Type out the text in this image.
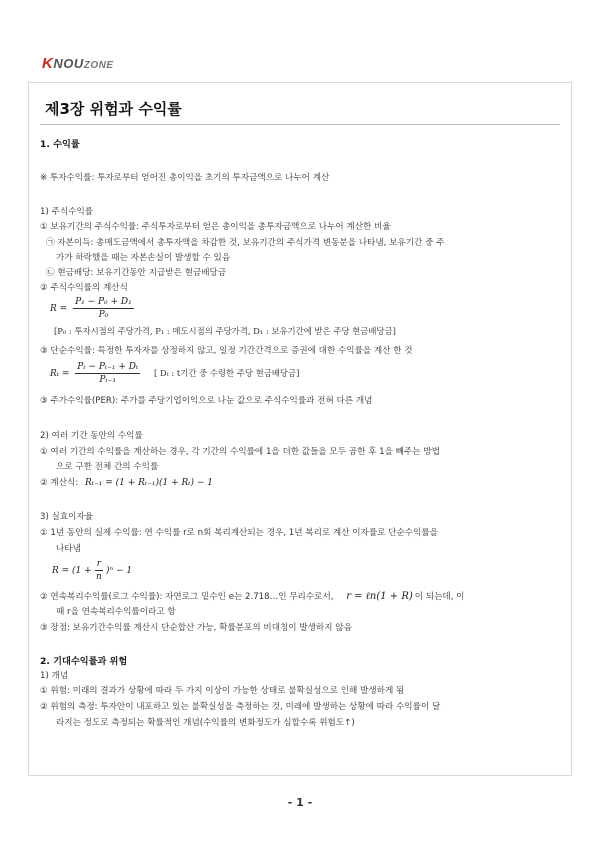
KNOUZONE
제3장 위험과 수익률
1. 수익률
※ 투자수익률: 투자로부터 얻어진 총이익을 초기의 투자금액으로 나누어 계산
1) 주식수익률
① 보유기간의 주식수익률: 주식투자로부터 얻은 총이익을 총투자금액으로 나누어 계산한 비율
㉠ 자본이득: 총매도금액에서 총투자액을 차감한 것, 보유기간의 주식가격 변동분을 나타냄, 보유기간 중 주
가가 하락했을 때는 자본손실이 발생할 수 있음
㉡ 현금배당: 보유기간동안 지급받은 현금배당금
② 주식수익률의 계산식
$R = \frac{\text{P₁ − P₀ + D₁}}{\text{P₀}}$
[P₀ : 투자시점의 주당가격, P₁ : 매도시점의 주당가격, D₁ : 보유기간에 받은 주당 현금배당금]
③ 단순수익률: 특정한 투자자를 상정하지 않고, 일정 기간간격으로 증권에 대한 수익률을 계산 한 것
$R_t = \frac{\text{Pₜ − Pₜ₋₁ + Dₜ}}{\text{Pₜ₋₁}}$ [ Dₜ : t기간 중 수령한 주당 현금배당금]
③ 주가수익률(PER): 주가를 주당기업이익으로 나눈 값으로 주식수익률과 전혀 다른 개념
2) 여러 기간 동안의 수익률
① 여러 기간의 수익률을 계산하는 경우, 각 기간의 수익률에 1을 더한 값들을 모두 곱한 후 1을 빼주는 방법
으로 구한 전체 간의 수익률
② 계산식: Rₜ₋₁ = (1 + Rₜ₋₁)(1 + Rₜ) − 1
3) 실효이자율
① 1년 동안의 실제 수익률: 연 수익률 r로 n회 복리계산되는 경우, 1년 복리로 계산 이자률로 단순수익률을
나타냄
$R = (1 + \frac{r}{n} )^n - 1$
② 연속복리수익률(로그 수익률): 자연로그 밑수인 e는 2.718…인 무리수로서, r = ℓn(1 + R) 이 되는데, 이
때 r을 연속복리수익률이라고 함
③ 장점: 보유기간수익률 계산시 단순합산 가능, 확률분포의 비대칭이 발생하지 않음
2. 기대수익률과 위험
1) 개념
① 위험: 미래의 결과가 상황에 따라 두 가지 이상이 가능한 상태로 불확실성으로 인해 발생하게 됨
② 위험의 측정: 투자안이 내포하고 있는 불확실성을 측정하는 것, 미래에 발생하는 상황에 따라 수익률이 달
라지는 정도로 측정되는 확률적인 개념(수익률의 변화정도가 심할수록 위험도↑)
- 1 -
